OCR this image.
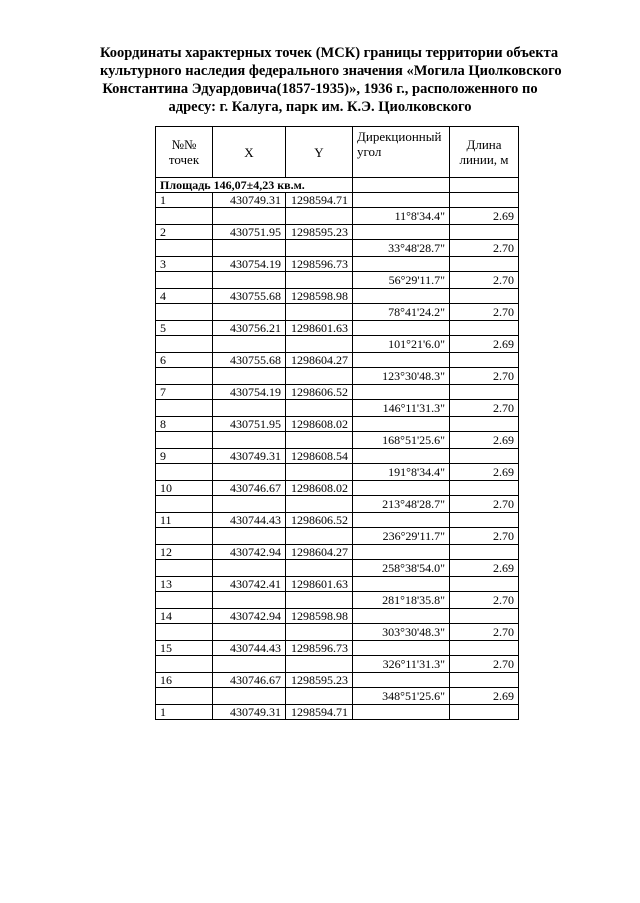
Координаты характерных точек (МСК) границы территории объекта
культурного наследия федерального значения «Могила Циолковского
Константина Эдуардовича(1857-1935)», 1936 г., расположенного по
адресу: г. Калуга, парк им. К.Э. Циолковского
№№ точек	X	Y	Дирекционный угол	Длина линии, м
Площадь 146,07±4,23 кв.м.				
1	430749.31	1298594.71		
			11°8'34.4"	2.69
2	430751.95	1298595.23		
			33°48'28.7"	2.70
3	430754.19	1298596.73		
			56°29'11.7"	2.70
4	430755.68	1298598.98		
			78°41'24.2"	2.70
5	430756.21	1298601.63		
			101°21'6.0"	2.69
6	430755.68	1298604.27		
			123°30'48.3"	2.70
7	430754.19	1298606.52		
			146°11'31.3"	2.70
8	430751.95	1298608.02		
			168°51'25.6"	2.69
9	430749.31	1298608.54		
			191°8'34.4"	2.69
10	430746.67	1298608.02		
			213°48'28.7"	2.70
11	430744.43	1298606.52		
			236°29'11.7"	2.70
12	430742.94	1298604.27		
			258°38'54.0"	2.69
13	430742.41	1298601.63		
			281°18'35.8"	2.70
14	430742.94	1298598.98		
			303°30'48.3"	2.70
15	430744.43	1298596.73		
			326°11'31.3"	2.70
16	430746.67	1298595.23		
			348°51'25.6"	2.69
1	430749.31	1298594.71		
